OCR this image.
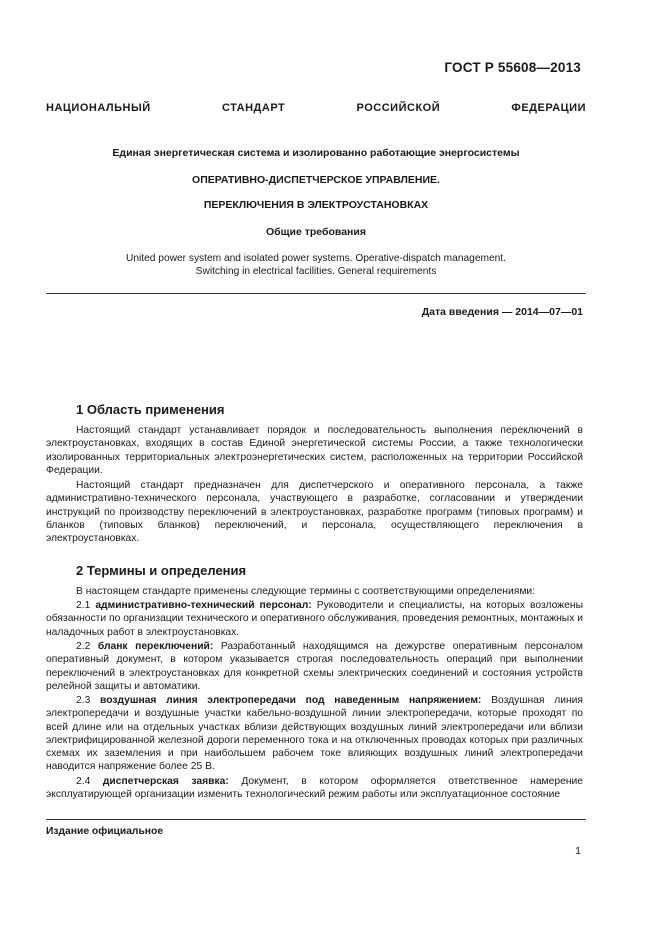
ГОСТ Р 55608—2013
НАЦИОНАЛЬНЫЙ СТАНДАРТ РОССИЙСКОЙ ФЕДЕРАЦИИ
Единая энергетическая система и изолированно работающие энергосистемы
ОПЕРАТИВНО-ДИСПЕТЧЕРСКОЕ УПРАВЛЕНИЕ.
ПЕРЕКЛЮЧЕНИЯ В ЭЛЕКТРОУСТАНОВКАХ
Общие требования
United power system and isolated power systems. Operative-dispatch management.
Switching in electrical facilities. General requirements
Дата введения — 2014—07—01
1 Область применения
Настоящий стандарт устанавливает порядок и последовательность выполнения переключений в электроустановках, входящих в состав Единой энергетической системы России, а также технологически изолированных территориальных электроэнергетических систем, расположенных на территории Российской Федерации.
Настоящий стандарт предназначен для диспетчерского и оперативного персонала, а также административно-технического персонала, участвующего в разработке, согласовании и утверждении инструкций по производству переключений в электроустановках, разработке программ (типовых программ) и бланков (типовых бланков) переключений, и персонала, осуществляющего переключения в электроустановках.
2 Термины и определения
В настоящем стандарте применены следующие термины с соответствующими определениями:
2.1 административно-технический персонал: Руководители и специалисты, на которых возложены обязанности по организации технического и оперативного обслуживания, проведения ремонтных, монтажных и наладочных работ в электроустановках.
2.2 бланк переключений: Разработанный находящимся на дежурстве оперативным персоналом оперативный документ, в котором указывается строгая последовательность операций при выполнении переключений в электроустановках для конкретной схемы электрических соединений и состояния устройств релейной защиты и автоматики.
2.3 воздушная линия электропередачи под наведенным напряжением: Воздушная линия электропередачи и воздушные участки кабельно-воздушной линии электропередачи, которые проходят по всей длине или на отдельных участках вблизи действующих воздушных линий электропередачи или вблизи электрифицированной железной дороги переменного тока и на отключенных проводах которых при различных схемах их заземления и при наибольшем рабочем токе влияющих воздушных линий электропередачи наводится напряжение более 25 В.
2.4 диспетчерская заявка: Документ, в котором оформляется ответственное намерение эксплуатирующей организации изменить технологический режим работы или эксплуатационное состояние
Издание официальное
1
